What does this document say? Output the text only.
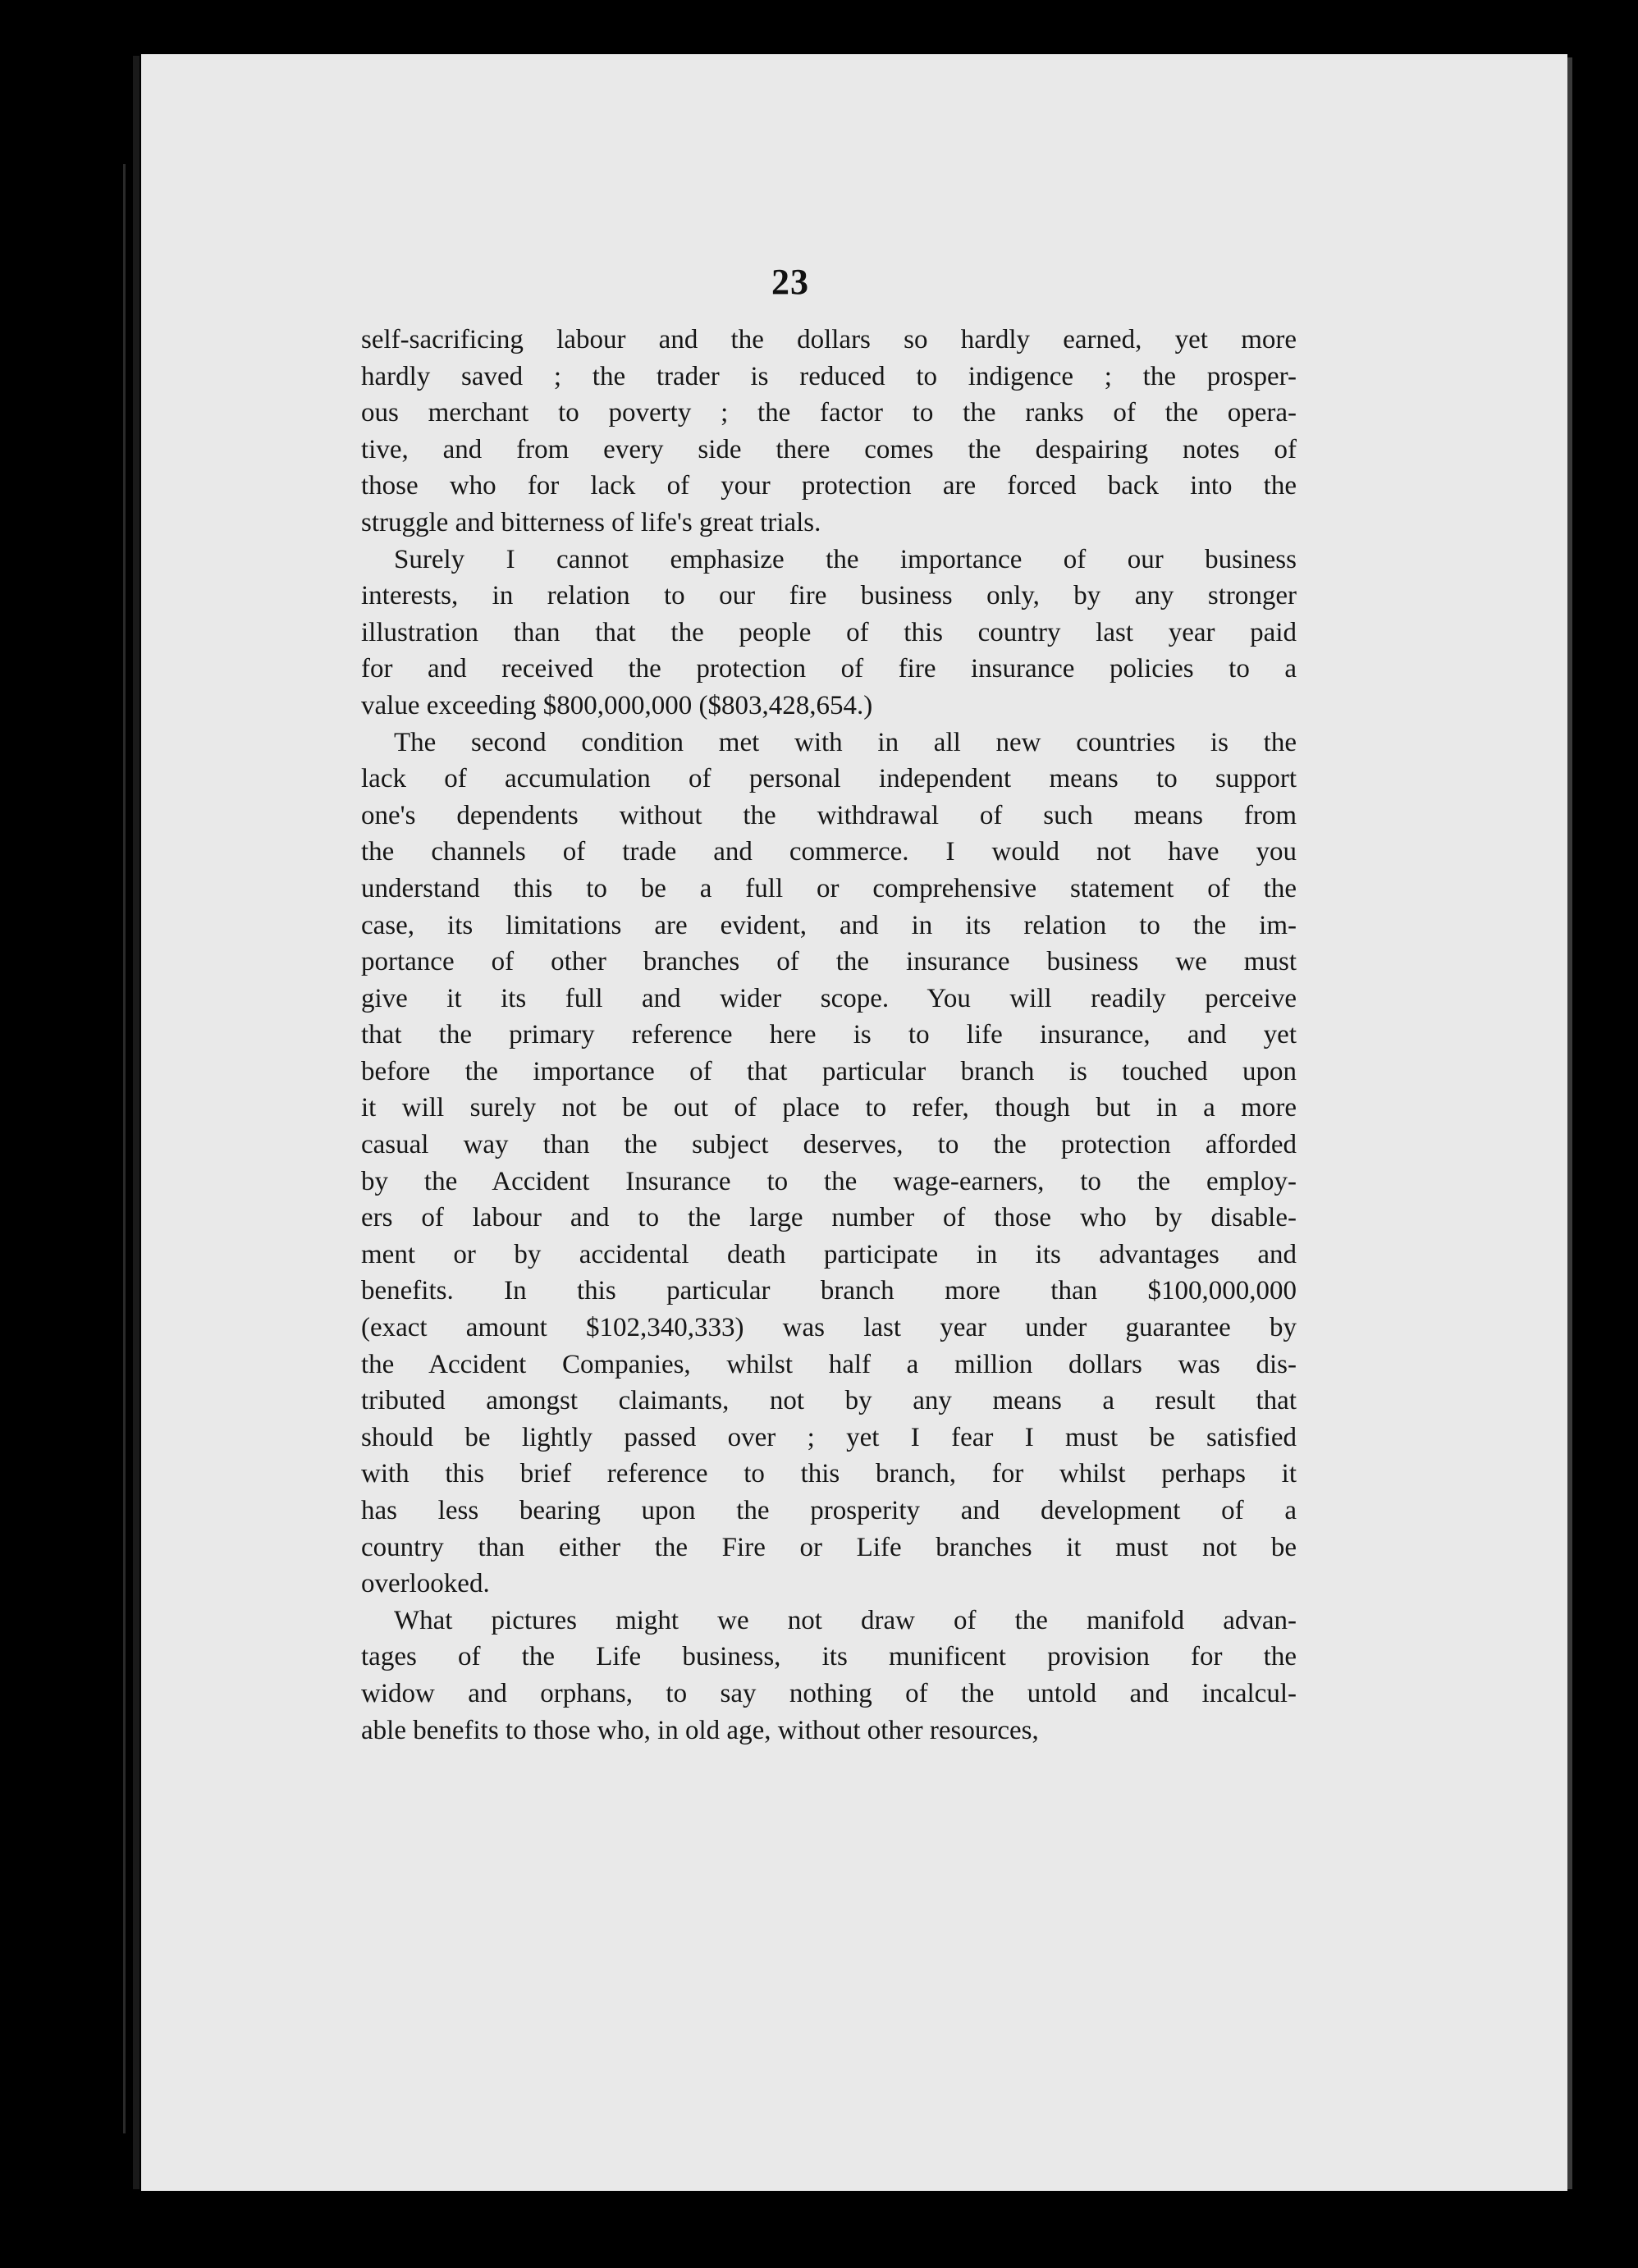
23
self-sacrificing labour and the dollars so hardly earned, yet more
hardly saved ; the trader is reduced to indigence ; the prosper-
ous merchant to poverty ; the factor to the ranks of the opera-
tive, and from every side there comes the despairing notes of
those who for lack of your protection are forced back into the
struggle and bitterness of life's great trials.
Surely I cannot emphasize the importance of our business
interests, in relation to our fire business only, by any stronger
illustration than that the people of this country last year paid
for and received the protection of fire insurance policies to a
value exceeding $800,000,000 ($803,428,654.)
The second condition met with in all new countries is the
lack of accumulation of personal independent means to support
one's dependents without the withdrawal of such means from
the channels of trade and commerce. I would not have you
understand this to be a full or comprehensive statement of the
case, its limitations are evident, and in its relation to the im-
portance of other branches of the insurance business we must
give it its full and wider scope. You will readily perceive
that the primary reference here is to life insurance, and yet
before the importance of that particular branch is touched upon
it will surely not be out of place to refer, though but in a more
casual way than the subject deserves, to the protection afforded
by the Accident Insurance to the wage-earners, to the employ-
ers of labour and to the large number of those who by disable-
ment or by accidental death participate in its advantages and
benefits. In this particular branch more than $100,000,000
(exact amount $102,340,333) was last year under guarantee by
the Accident Companies, whilst half a million dollars was dis-
tributed amongst claimants, not by any means a result that
should be lightly passed over ; yet I fear I must be satisfied
with this brief reference to this branch, for whilst perhaps it
has less bearing upon the prosperity and development of a
country than either the Fire or Life branches it must not be
overlooked.
What pictures might we not draw of the manifold advan-
tages of the Life business, its munificent provision for the
widow and orphans, to say nothing of the untold and incalcul-
able benefits to those who, in old age, without other resources,
